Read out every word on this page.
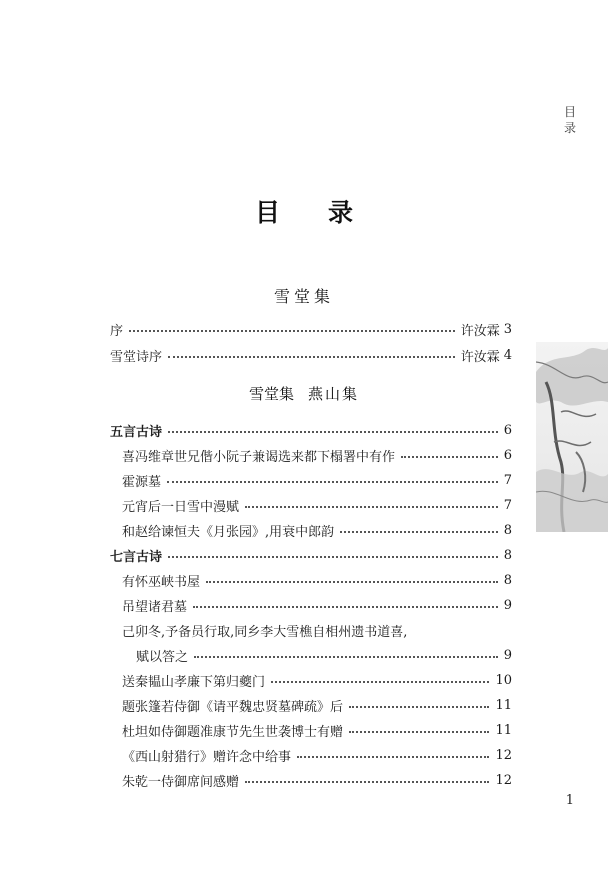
目录
目 录
雪堂集
序	许汝霖 3
雪堂诗序	许汝霖 4
雪堂集 燕山集
五言古诗	6
喜冯维章世兄偕小阮子兼谒选来都下榻署中有作	6
霍源墓	7
元宵后一日雪中漫赋	7
和赵给谏恒夫《月张园》,用衰中郎韵	8
七言古诗	8
有怀巫峡书屋	8
吊望诸君墓	9
己卯冬,予备员行取,同乡李大雪樵自相州遗书道喜,
赋以答之	9
送秦韫山孝廉下第归夔门	10
题张篷若侍御《请平魏忠贤墓碑疏》后	11
杜坦如侍御题准康节先生世袭博士有赠	11
《西山射猎行》赠许念中给事	12
朱乾一侍御席间感赠	12
1
